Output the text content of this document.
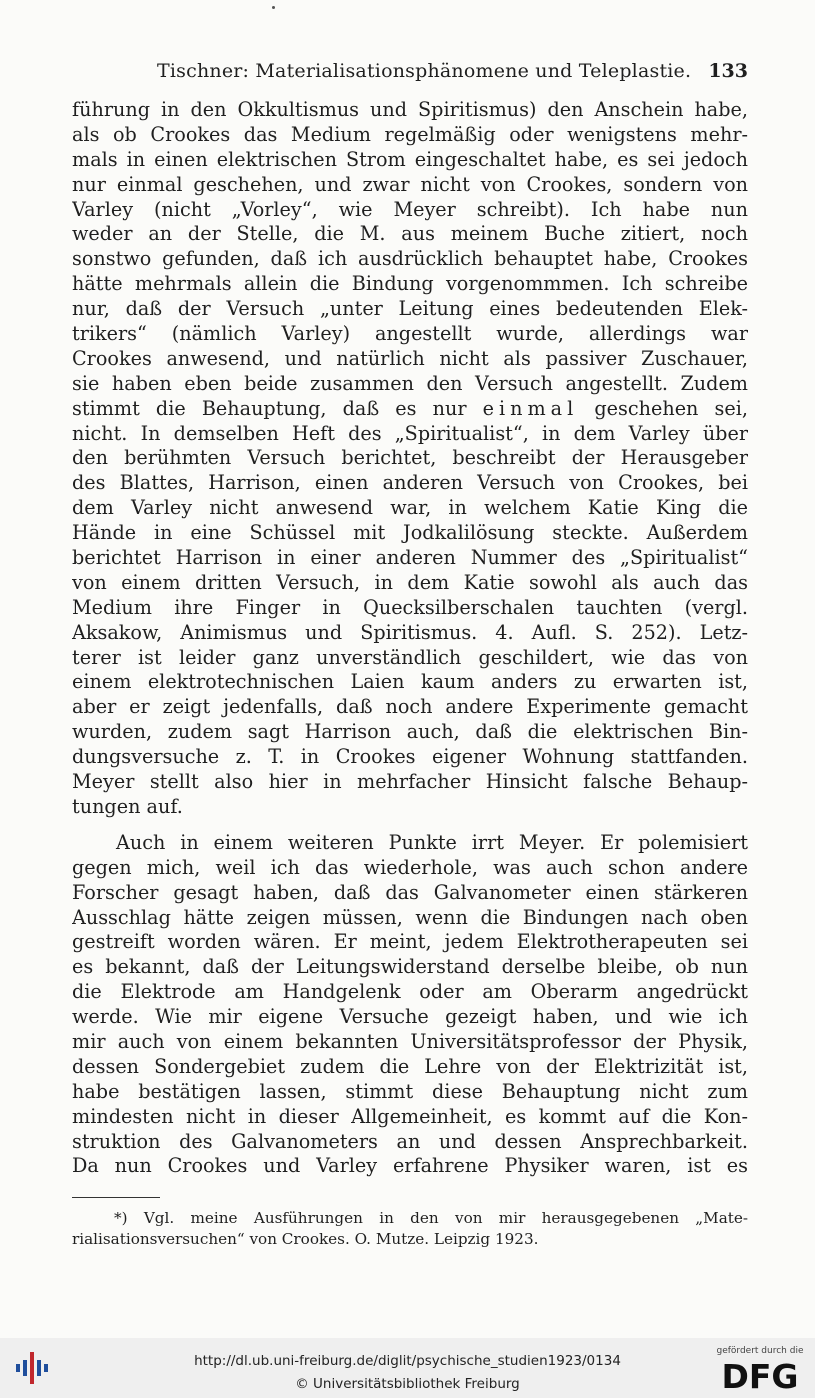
Tischner: Materialisationsphänomene und Teleplastie. 133
führung in den Okkultismus und Spiritismus) den Anschein habe,
als ob Crookes das Medium regelmäßig oder wenigstens mehr-
mals in einen elektrischen Strom eingeschaltet habe, es sei jedoch
nur einmal geschehen, und zwar nicht von Crookes, sondern von
Varley (nicht „Vorley“, wie Meyer schreibt). Ich habe nun
weder an der Stelle, die M. aus meinem Buche zitiert, noch
sonstwo gefunden, daß ich ausdrücklich behauptet habe, Crookes
hätte mehrmals allein die Bindung vorgenommmen. Ich schreibe
nur, daß der Versuch „unter Leitung eines bedeutenden Elek-
trikers“ (nämlich Varley) angestellt wurde, allerdings war
Crookes anwesend, und natürlich nicht als passiver Zuschauer,
sie haben eben beide zusammen den Versuch angestellt. Zudem
stimmt die Behauptung, daß es nur einmal geschehen sei,
nicht. In demselben Heft des „Spiritualist“, in dem Varley über
den berühmten Versuch berichtet, beschreibt der Herausgeber
des Blattes, Harrison, einen anderen Versuch von Crookes, bei
dem Varley nicht anwesend war, in welchem Katie King die
Hände in eine Schüssel mit Jodkalilösung steckte. Außerdem
berichtet Harrison in einer anderen Nummer des „Spiritualist“
von einem dritten Versuch, in dem Katie sowohl als auch das
Medium ihre Finger in Quecksilberschalen tauchten (vergl.
Aksakow, Animismus und Spiritismus. 4. Aufl. S. 252). Letz-
terer ist leider ganz unverständlich geschildert, wie das von
einem elektrotechnischen Laien kaum anders zu erwarten ist,
aber er zeigt jedenfalls, daß noch andere Experimente gemacht
wurden, zudem sagt Harrison auch, daß die elektrischen Bin-
dungsversuche z. T. in Crookes eigener Wohnung stattfanden.
Meyer stellt also hier in mehrfacher Hinsicht falsche Behaup-
tungen auf.
Auch in einem weiteren Punkte irrt Meyer. Er polemisiert
gegen mich, weil ich das wiederhole, was auch schon andere
Forscher gesagt haben, daß das Galvanometer einen stärkeren
Ausschlag hätte zeigen müssen, wenn die Bindungen nach oben
gestreift worden wären. Er meint, jedem Elektrotherapeuten sei
es bekannt, daß der Leitungswiderstand derselbe bleibe, ob nun
die Elektrode am Handgelenk oder am Oberarm angedrückt
werde. Wie mir eigene Versuche gezeigt haben, und wie ich
mir auch von einem bekannten Universitätsprofessor der Physik,
dessen Sondergebiet zudem die Lehre von der Elektrizität ist,
habe bestätigen lassen, stimmt diese Behauptung nicht zum
mindesten nicht in dieser Allgemeinheit, es kommt auf die Kon-
struktion des Galvanometers an und dessen Ansprechbarkeit.
Da nun Crookes und Varley erfahrene Physiker waren, ist es
*) Vgl. meine Ausführungen in den von mir herausgegebenen „Mate-
rialisationsversuchen“ von Crookes. O. Mutze. Leipzig 1923.
http://dl.ub.uni-freiburg.de/diglit/psychische_studien1923/0134
© Universitätsbibliothek Freiburg
gefördert durch die
DFG
